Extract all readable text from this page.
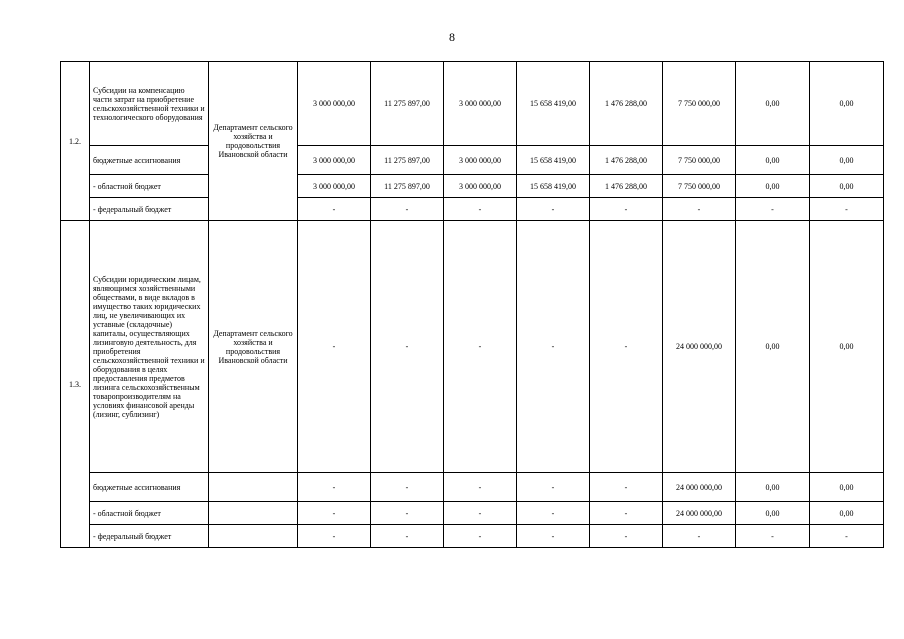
8
1.2.	Субсидии на компенсацию части затрат на приобретение сельскохозяйственной техники и технологического оборудования	Департамент сельского хозяйства и продовольствия Ивановской области	3 000 000,00	11 275 897,00	3 000 000,00	15 658 419,00	1 476 288,00	7 750 000,00	0,00	0,00
	бюджетные ассигнования		3 000 000,00	11 275 897,00	3 000 000,00	15 658 419,00	1 476 288,00	7 750 000,00	0,00	0,00
	- областной бюджет		3 000 000,00	11 275 897,00	3 000 000,00	15 658 419,00	1 476 288,00	7 750 000,00	0,00	0,00
	- федеральный бюджет		-	-	-	-	-	-	-	-
1.3.	Субсидии юридическим лицам, являющимся хозяйственными обществами, в виде вкладов в имущество таких юридических лиц, не увеличивающих их уставные (складочные) капиталы, осуществляющих лизинговую деятельность, для приобретения сельскохозяйственной техники и оборудования в целях предоставления предметов лизинга сельскохозяйственным товаропроизводителям на условиях финансовой аренды (лизинг, сублизинг)	Департамент сельского хозяйства и продовольствия Ивановской области	-	-	-	-	-	24 000 000,00	0,00	0,00
	бюджетные ассигнования		-	-	-	-	-	24 000 000,00	0,00	0,00
	- областной бюджет		-	-	-	-	-	24 000 000,00	0,00	0,00
	- федеральный бюджет		-	-	-	-	-	-	-	-
